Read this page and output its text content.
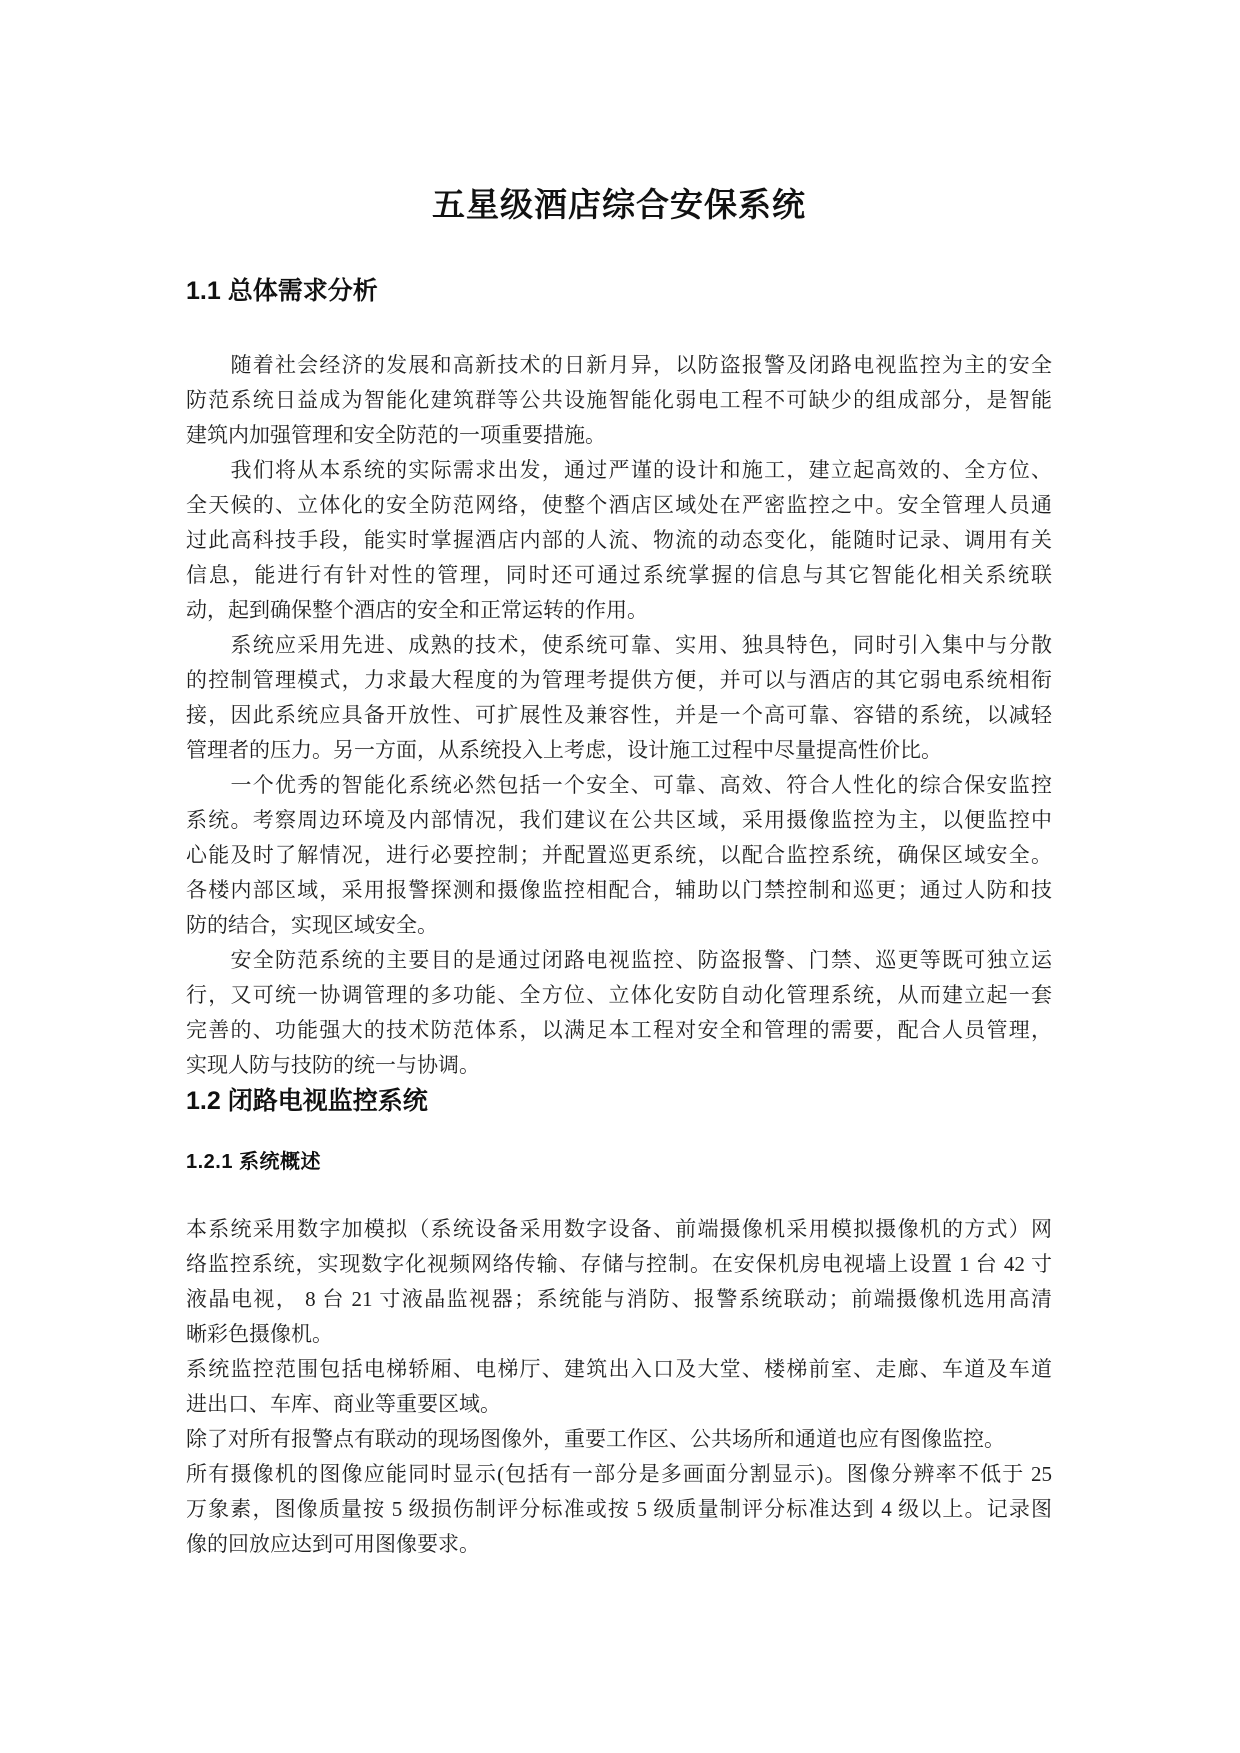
五星级酒店综合安保系统
1.1 总体需求分析
　　随着社会经济的发展和高新技术的日新月异，以防盗报警及闭路电视监控为主的安全
防范系统日益成为智能化建筑群等公共设施智能化弱电工程不可缺少的组成部分，是智能
建筑内加强管理和安全防范的一项重要措施。
　　我们将从本系统的实际需求出发，通过严谨的设计和施工，建立起高效的、全方位、
全天候的、立体化的安全防范网络，使整个酒店区域处在严密监控之中。安全管理人员通
过此高科技手段，能实时掌握酒店内部的人流、物流的动态变化，能随时记录、调用有关
信息，能进行有针对性的管理，同时还可通过系统掌握的信息与其它智能化相关系统联
动，起到确保整个酒店的安全和正常运转的作用。
　　系统应采用先进、成熟的技术，使系统可靠、实用、独具特色，同时引入集中与分散
的控制管理模式，力求最大程度的为管理考提供方便，并可以与酒店的其它弱电系统相衔
接，因此系统应具备开放性、可扩展性及兼容性，并是一个高可靠、容错的系统，以减轻
管理者的压力。另一方面，从系统投入上考虑，设计施工过程中尽量提高性价比。
　　一个优秀的智能化系统必然包括一个安全、可靠、高效、符合人性化的综合保安监控
系统。考察周边环境及内部情况，我们建议在公共区域，采用摄像监控为主，以便监控中
心能及时了解情况，进行必要控制；并配置巡更系统，以配合监控系统，确保区域安全。
各楼内部区域，采用报警探测和摄像监控相配合，辅助以门禁控制和巡更；通过人防和技
防的结合，实现区域安全。
　　安全防范系统的主要目的是通过闭路电视监控、防盗报警、门禁、巡更等既可独立运
行，又可统一协调管理的多功能、全方位、立体化安防自动化管理系统，从而建立起一套
完善的、功能强大的技术防范体系，以满足本工程对安全和管理的需要，配合人员管理，
实现人防与技防的统一与协调。
1.2 闭路电视监控系统
1.2.1 系统概述
本系统采用数字加模拟（系统设备采用数字设备、前端摄像机采用模拟摄像机的方式）网
络监控系统，实现数字化视频网络传输、存储与控制。在安保机房电视墙上设置 1 台 42 寸
液晶电视， 8 台 21 寸液晶监视器；系统能与消防、报警系统联动；前端摄像机选用高清
晰彩色摄像机。
系统监控范围包括电梯轿厢、电梯厅、建筑出入口及大堂、楼梯前室、走廊、车道及车道
进出口、车库、商业等重要区域。
除了对所有报警点有联动的现场图像外，重要工作区、公共场所和通道也应有图像监控。
所有摄像机的图像应能同时显示(包括有一部分是多画面分割显示)。图像分辨率不低于 25
万象素，图像质量按 5 级损伤制评分标准或按 5 级质量制评分标准达到 4 级以上。记录图
像的回放应达到可用图像要求。
